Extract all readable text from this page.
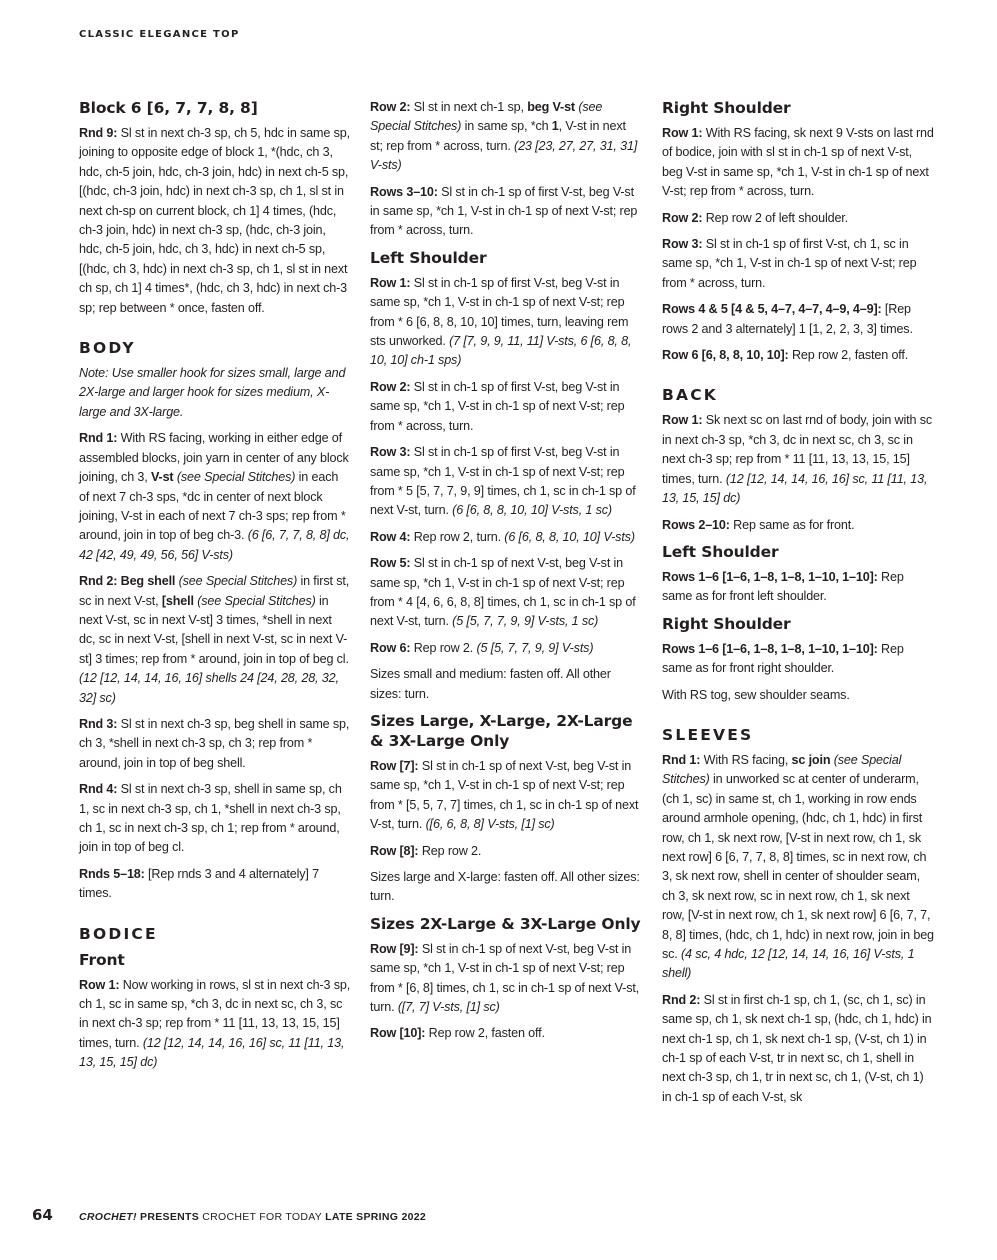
CLASSIC ELEGANCE TOP
Block 6 [6, 7, 7, 8, 8]

Rnd 9: Sl st in next ch-3 sp, ch 5, hdc in same sp, joining to opposite edge of block 1, *(hdc, ch 3, hdc, ch-5 join, hdc, ch-3 join, hdc) in next ch-5 sp, [(hdc, ch-3 join, hdc) in next ch-3 sp, ch 1, sl st in next ch-sp on current block, ch 1] 4 times, (hdc, ch-3 join, hdc) in next ch-3 sp, (hdc, ch-3 join, hdc, ch-5 join, hdc, ch 3, hdc) in next ch-5 sp, [(hdc, ch 3, hdc) in next ch-3 sp, ch 1, sl st in next ch sp, ch 1] 4 times*, (hdc, ch 3, hdc) in next ch-3 sp; rep between * once, fasten off.

BODY

Note: Use smaller hook for sizes small, large and 2X-large and larger hook for sizes medium, X-large and 3X-large.

Rnd 1: With RS facing, working in either edge of assembled blocks, join yarn in center of any block joining, ch 3, V-st (see Special Stitches) in each of next 7 ch-3 sps, *dc in center of next block joining, V-st in each of next 7 ch-3 sps; rep from * around, join in top of beg ch-3. (6 [6, 7, 7, 8, 8] dc, 42 [42, 49, 49, 56, 56] V-sts)

Rnd 2: Beg shell (see Special Stitches) in first st, sc in next V-st, [shell (see Special Stitches) in next V-st, sc in next V-st] 3 times, *shell in next dc, sc in next V-st, [shell in next V-st, sc in next V-st] 3 times; rep from * around, join in top of beg cl. (12 [12, 14, 14, 16, 16] shells 24 [24, 28, 28, 32, 32] sc)

Rnd 3: Sl st in next ch-3 sp, beg shell in same sp, ch 3, *shell in next ch-3 sp, ch 3; rep from * around, join in top of beg shell.

Rnd 4: Sl st in next ch-3 sp, shell in same sp, ch 1, sc in next ch-3 sp, ch 1, *shell in next ch-3 sp, ch 1, sc in next ch-3 sp, ch 1; rep from * around, join in top of beg cl.

Rnds 5–18: [Rep rnds 3 and 4 alternately] 7 times.

BODICE
Front

Row 1: Now working in rows, sl st in next ch-3 sp, ch 1, sc in same sp, *ch 3, dc in next sc, ch 3, sc in next ch-3 sp; rep from * 11 [11, 13, 13, 15, 15] times, turn. (12 [12, 14, 14, 16, 16] sc, 11 [11, 13, 13, 15, 15] dc)

Row 2: Sl st in next ch-1 sp, beg V-st (see Special Stitches) in same sp, *ch 1, V-st in next st; rep from * across, turn. (23 [23, 27, 27, 31, 31] V-sts)

Rows 3–10: Sl st in ch-1 sp of first V-st, beg V-st in same sp, *ch 1, V-st in ch-1 sp of next V-st; rep from * across, turn.

Left Shoulder

Row 1: Sl st in ch-1 sp of first V-st, beg V-st in same sp, *ch 1, V-st in ch-1 sp of next V-st; rep from * 6 [6, 8, 8, 10, 10] times, turn, leaving rem sts unworked. (7 [7, 9, 9, 11, 11] V-sts, 6 [6, 8, 8, 10, 10] ch-1 sps)

Row 2: Sl st in ch-1 sp of first V-st, beg V-st in same sp, *ch 1, V-st in ch-1 sp of next V-st; rep from * across, turn.

Row 3: Sl st in ch-1 sp of first V-st, beg V-st in same sp, *ch 1, V-st in ch-1 sp of next V-st; rep from * 5 [5, 7, 7, 9, 9] times, ch 1, sc in ch-1 sp of next V-st, turn. (6 [6, 8, 8, 10, 10] V-sts, 1 sc)

Row 4: Rep row 2, turn. (6 [6, 8, 8, 10, 10] V-sts)

Row 5: Sl st in ch-1 sp of next V-st, beg V-st in same sp, *ch 1, V-st in ch-1 sp of next V-st; rep from * 4 [4, 6, 6, 8, 8] times, ch 1, sc in ch-1 sp of next V-st, turn. (5 [5, 7, 7, 9, 9] V-sts, 1 sc)

Row 6: Rep row 2. (5 [5, 7, 7, 9, 9] V-sts)

Sizes small and medium: fasten off. All other sizes: turn.

Sizes Large, X-Large, 2X-Large & 3X-Large Only

Row [7]: Sl st in ch-1 sp of next V-st, beg V-st in same sp, *ch 1, V-st in ch-1 sp of next V-st; rep from * [5, 5, 7, 7] times, ch 1, sc in ch-1 sp of next V-st, turn. ([6, 6, 8, 8] V-sts, [1] sc)

Row [8]: Rep row 2.

Sizes large and X-large: fasten off. All other sizes: turn.

Sizes 2X-Large & 3X-Large Only

Row [9]: Sl st in ch-1 sp of next V-st, beg V-st in same sp, *ch 1, V-st in ch-1 sp of next V-st; rep from * [6, 8] times, ch 1, sc in ch-1 sp of next V-st, turn. ([7, 7] V-sts, [1] sc)

Row [10]: Rep row 2, fasten off.

Right Shoulder

Row 1: With RS facing, sk next 9 V-sts on last rnd of bodice, join with sl st in ch-1 sp of next V-st, beg V-st in same sp, *ch 1, V-st in ch-1 sp of next V-st; rep from * across, turn.

Row 2: Rep row 2 of left shoulder.

Row 3: Sl st in ch-1 sp of first V-st, ch 1, sc in same sp, *ch 1, V-st in ch-1 sp of next V-st; rep from * across, turn.

Rows 4 & 5 [4 & 5, 4–7, 4–7, 4–9, 4–9]: [Rep rows 2 and 3 alternately] 1 [1, 2, 2, 3, 3] times.

Row 6 [6, 8, 8, 10, 10]: Rep row 2, fasten off.

BACK

Row 1: Sk next sc on last rnd of body, join with sc in next ch-3 sp, *ch 3, dc in next sc, ch 3, sc in next ch-3 sp; rep from * 11 [11, 13, 13, 15, 15] times, turn. (12 [12, 14, 14, 16, 16] sc, 11 [11, 13, 13, 15, 15] dc)

Rows 2–10: Rep same as for front.

Left Shoulder

Rows 1–6 [1–6, 1–8, 1–8, 1–10, 1–10]: Rep same as for front left shoulder.

Right Shoulder

Rows 1–6 [1–6, 1–8, 1–8, 1–10, 1–10]: Rep same as for front right shoulder.

With RS tog, sew shoulder seams.

SLEEVES

Rnd 1: With RS facing, sc join (see Special Stitches) in unworked sc at center of underarm, (ch 1, sc) in same st, ch 1, working in row ends around armhole opening, (hdc, ch 1, hdc) in first row, ch 1, sk next row, [V-st in next row, ch 1, sk next row] 6 [6, 7, 7, 8, 8] times, sc in next row, ch 3, sk next row, shell in center of shoulder seam, ch 3, sk next row, sc in next row, ch 1, sk next row, [V-st in next row, ch 1, sk next row] 6 [6, 7, 7, 8, 8] times, (hdc, ch 1, hdc) in next row, join in beg sc. (4 sc, 4 hdc, 12 [12, 14, 14, 16, 16] V-sts, 1 shell)

Rnd 2: Sl st in first ch-1 sp, ch 1, (sc, ch 1, sc) in same sp, ch 1, sk next ch-1 sp, (hdc, ch 1, hdc) in next ch-1 sp, ch 1, sk next ch-1 sp, (V-st, ch 1) in ch-1 sp of each V-st, tr in next sc, ch 1, shell in next ch-3 sp, ch 1, tr in next sc, ch 1, (V-st, ch 1) in ch-1 sp of each V-st, sk

64 CROCHET! PRESENTS CROCHET FOR TODAY LATE SPRING 2022
